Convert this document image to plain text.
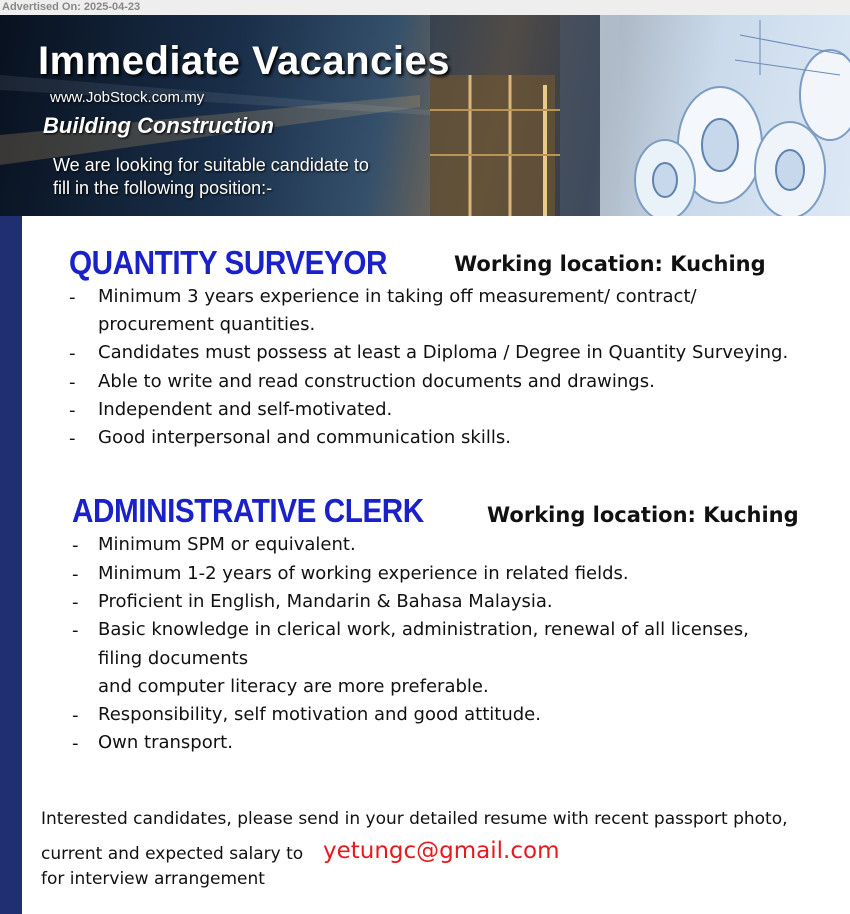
Advertised On: 2025-04-23
Immediate Vacancies
www.JobStock.com.my
Building Construction
We are looking for suitable candidate to
fill in the following position:-
QUANTITY SURVEYOR	Working location: Kuching
- Minimum 3 years experience in taking off measurement/ contract/
procurement quantities.
- Candidates must possess at least a Diploma / Degree in Quantity Surveying.
- Able to write and read construction documents and drawings.
- Independent and self-motivated.
- Good interpersonal and communication skills.
ADMINISTRATIVE CLERK	Working location: Kuching
- Minimum SPM or equivalent.
- Minimum 1-2 years of working experience in related fields.
- Proficient in English, Mandarin & Bahasa Malaysia.
- Basic knowledge in clerical work, administration, renewal of all licenses,
filing documents
and computer literacy are more preferable.
- Responsibility, self motivation and good attitude.
- Own transport.
Interested candidates, please send in your detailed resume with recent passport photo,
current and expected salary to yetungc@gmail.com
for interview arrangement
